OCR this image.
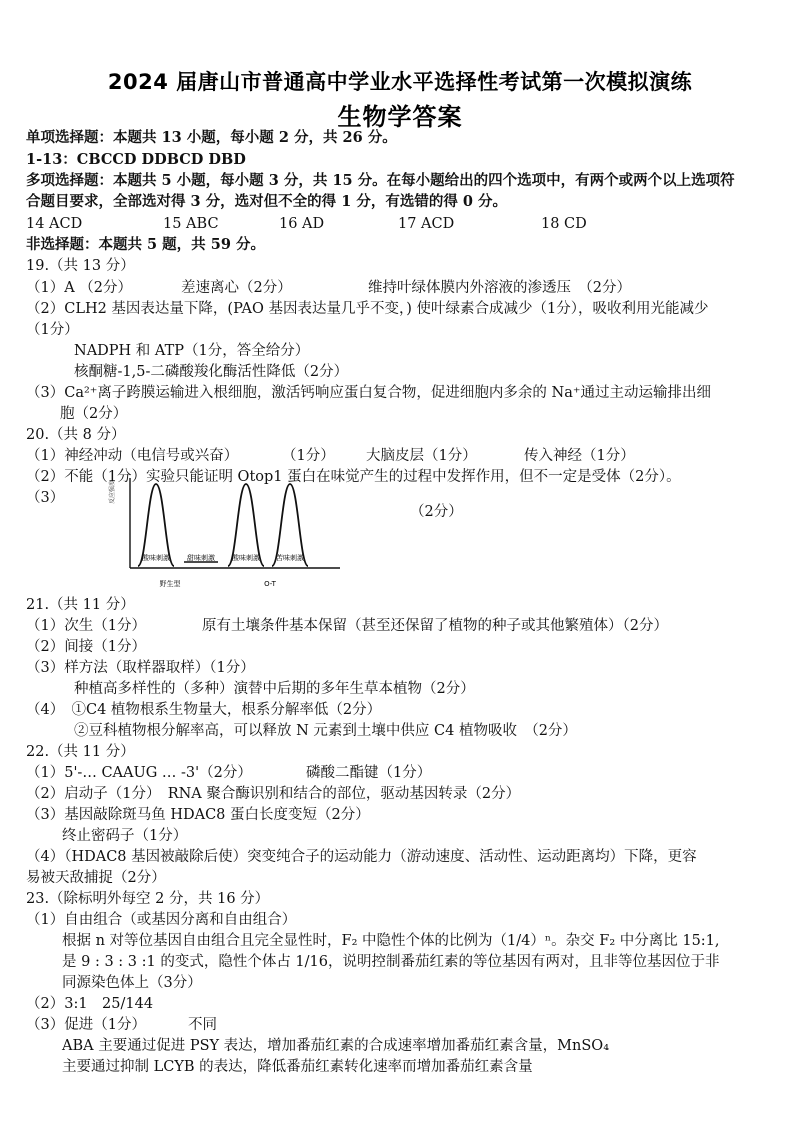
2024 届唐山市普通高中学业水平选择性考试第一次模拟演练
生物学答案
单项选择题：本题共 13 小题，每小题 2 分，共 26 分。
1-13：CBCCD DDBCD DBD
多项选择题：本题共 5 小题，每小题 3 分，共 15 分。在每小题给出的四个选项中，有两个或两个以上选项符
合题目要求，全部选对得 3 分，选对但不全的得 1 分，有选错的得 0 分。
14 ACD	15 ABC	16 AD	17 ACD	18 CD
非选择题：本题共 5 题，共 59 分。
19.（共 13 分）
（1）A （2分）	差速离心（2分）	维持叶绿体膜内外溶液的渗透压　（2分）
（2）CLH2 基因表达量下降，(PAO 基因表达量几乎不变，) 使叶绿素合成减少（1分），吸收利用光能减少
（1分）
NADPH 和 ATP（1分，答全给分）
核酮糖-1,5-二磷酸羧化酶活性降低（2分）
（3）Ca²⁺离子跨膜运输进入根细胞，激活钙响应蛋白复合物，促进细胞内多余的 Na⁺通过主动运输排出细
胞（2分）
20.（共 8 分）
（1）神经冲动（电信号或兴奋）	（1分） 大脑皮层（1分）	传入神经（1分）
（2）不能（1分）实验只能证明 Otop1 蛋白在味觉产生的过程中发挥作用，但不一定是受体（2分）。
（3）
（2分）
反应强度
酸味刺激 甜味刺激 酸味刺激 苦味刺激
野生型	O-T
21.（共 11 分）
（1）次生（1分）	原有土壤条件基本保留（甚至还保留了植物的种子或其他繁殖体）（2分）
（2）间接（1分）
（3）样方法（取样器取样）（1分）
种植高多样性的（多种）演替中后期的多年生草本植物（2分）
（4）　①C4 植物根系生物量大，根系分解率低（2分）
②豆科植物根分解率高，可以释放 N 元素到土壤中供应 C4 植物吸收　（2分）
22.（共 11 分）
（1）5'-… CAAUG … -3'（2分）	磷酸二酯键（1分）
（2）启动子（1分）　RNA 聚合酶识别和结合的部位，驱动基因转录（2分）
（3）基因敲除斑马鱼 HDAC8 蛋白长度变短（2分）
终止密码子（1分）
（4）（HDAC8 基因被敲除后使）突变纯合子的运动能力（游动速度、活动性、运动距离均）下降，更容
易被天敌捕捉（2分）
23.（除标明外每空 2 分，共 16 分）
（1）自由组合（或基因分离和自由组合）
根据 n 对等位基因自由组合且完全显性时，F₂ 中隐性个体的比例为（1/4）ⁿ。杂交 F₂ 中分离比 15:1,
是 9 : 3 : 3 :1 的变式，隐性个体占 1/16，说明控制番茄红素的等位基因有两对，且非等位基因位于非
同源染色体上（3分）
（2）3:1　25/144
（3）促进（1分）	不同
ABA 主要通过促进 PSY 表达，增加番茄红素的合成速率增加番茄红素含量，MnSO₄
主要通过抑制 LCYB 的表达，降低番茄红素转化速率而增加番茄红素含量
